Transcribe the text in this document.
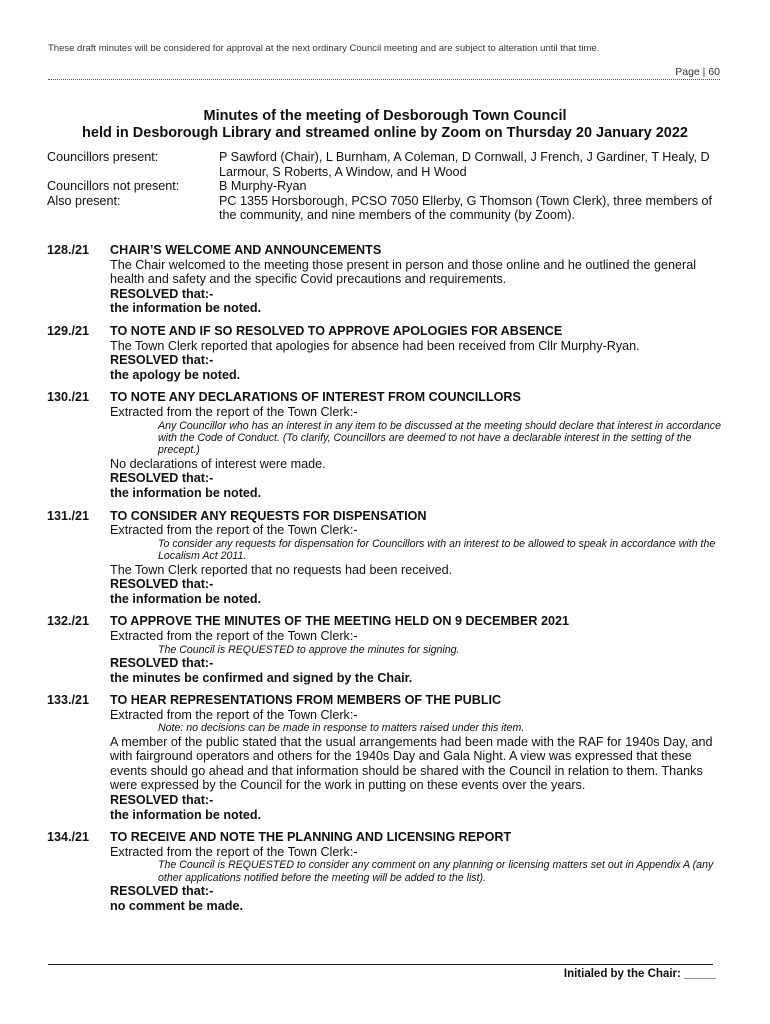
These draft minutes will be considered for approval at the next ordinary Council meeting and are subject to alteration until that time.
Page | 60
Minutes of the meeting of Desborough Town Council
held in Desborough Library and streamed online by Zoom on Thursday 20 January 2022
Councillors present:	P Sawford (Chair), L Burnham, A Coleman, D Cornwall, J French, J Gardiner, T Healy, D Larmour, S Roberts, A Window, and H Wood
Councillors not present:	B Murphy-Ryan
Also present:	PC 1355 Horsborough, PCSO 7050 Ellerby, G Thomson (Town Clerk), three members of the community, and nine members of the community (by Zoom).
128./21	CHAIR’S WELCOME AND ANNOUNCEMENTS
The Chair welcomed to the meeting those present in person and those online and he outlined the general health and safety and the specific Covid precautions and requirements.
RESOLVED that:-
the information be noted.
129./21	TO NOTE AND IF SO RESOLVED TO APPROVE APOLOGIES FOR ABSENCE
The Town Clerk reported that apologies for absence had been received from Cllr Murphy-Ryan.
RESOLVED that:-
the apology be noted.
130./21	TO NOTE ANY DECLARATIONS OF INTEREST FROM COUNCILLORS
Extracted from the report of the Town Clerk:-
Any Councillor who has an interest in any item to be discussed at the meeting should declare that interest in accordance with the Code of Conduct. (To clarify, Councillors are deemed to not have a declarable interest in the setting of the precept.)
No declarations of interest were made.
RESOLVED that:-
the information be noted.
131./21	TO CONSIDER ANY REQUESTS FOR DISPENSATION
Extracted from the report of the Town Clerk:-
To consider any requests for dispensation for Councillors with an interest to be allowed to speak in accordance with the Localism Act 2011.
The Town Clerk reported that no requests had been received.
RESOLVED that:-
the information be noted.
132./21	TO APPROVE THE MINUTES OF THE MEETING HELD ON 9 DECEMBER 2021
Extracted from the report of the Town Clerk:-
The Council is REQUESTED to approve the minutes for signing.
RESOLVED that:-
the minutes be confirmed and signed by the Chair.
133./21	TO HEAR REPRESENTATIONS FROM MEMBERS OF THE PUBLIC
Extracted from the report of the Town Clerk:-
Note: no decisions can be made in response to matters raised under this item.
A member of the public stated that the usual arrangements had been made with the RAF for 1940s Day, and with fairground operators and others for the 1940s Day and Gala Night. A view was expressed that these events should go ahead and that information should be shared with the Council in relation to them. Thanks were expressed by the Council for the work in putting on these events over the years.
RESOLVED that:-
the information be noted.
134./21	TO RECEIVE AND NOTE THE PLANNING AND LICENSING REPORT
Extracted from the report of the Town Clerk:-
The Council is REQUESTED to consider any comment on any planning or licensing matters set out in Appendix A (any other applications notified before the meeting will be added to the list).
RESOLVED that:-
no comment be made.
Initialed by the Chair: _____
